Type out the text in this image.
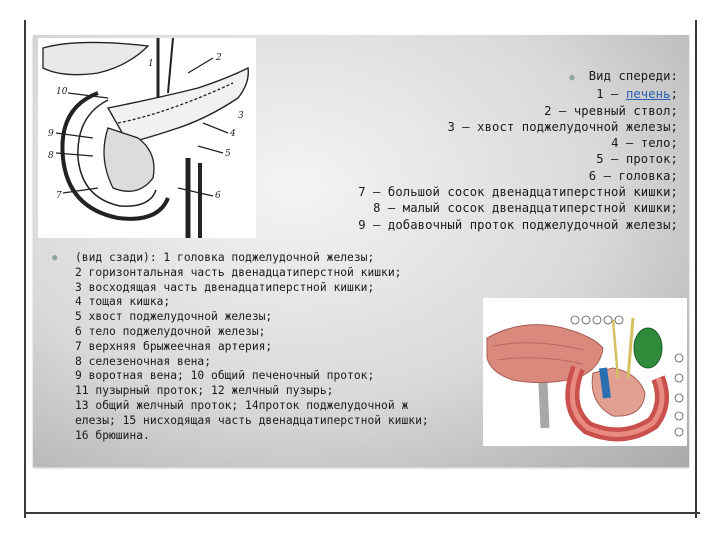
1
2
3
4
5
6
7
8
9
10
● Вид спереди:
1 — печень;
2 — чревный ствол;
3 — хвост поджелудочной железы;
4 — тело;
5 — проток;
6 — головка;
7 — большой сосок двенадцатиперстной кишки;
8 — малый сосок двенадцатиперстной кишки;
9 — добавочный проток поджелудочной железы;
● (вид сзади): 1 головка поджелудочной железы;
2 горизонтальная часть двенадцатиперстной кишки;
3 восходящая часть двенадцатиперстной кишки;
4 тощая кишка;
5 хвост поджелудочной железы;
6 тело поджелудочной железы;
7 верхняя брыжеечная артерия;
8 селезеночная вена;
9 воротная вена; 10 общий печеночный проток;
11 пузырный проток; 12 желчный пузырь;
13 общий желчный проток; 14проток поджелудочной ж
елезы; 15 нисходящая часть двенадцатиперстной кишки;
16 брюшина.
